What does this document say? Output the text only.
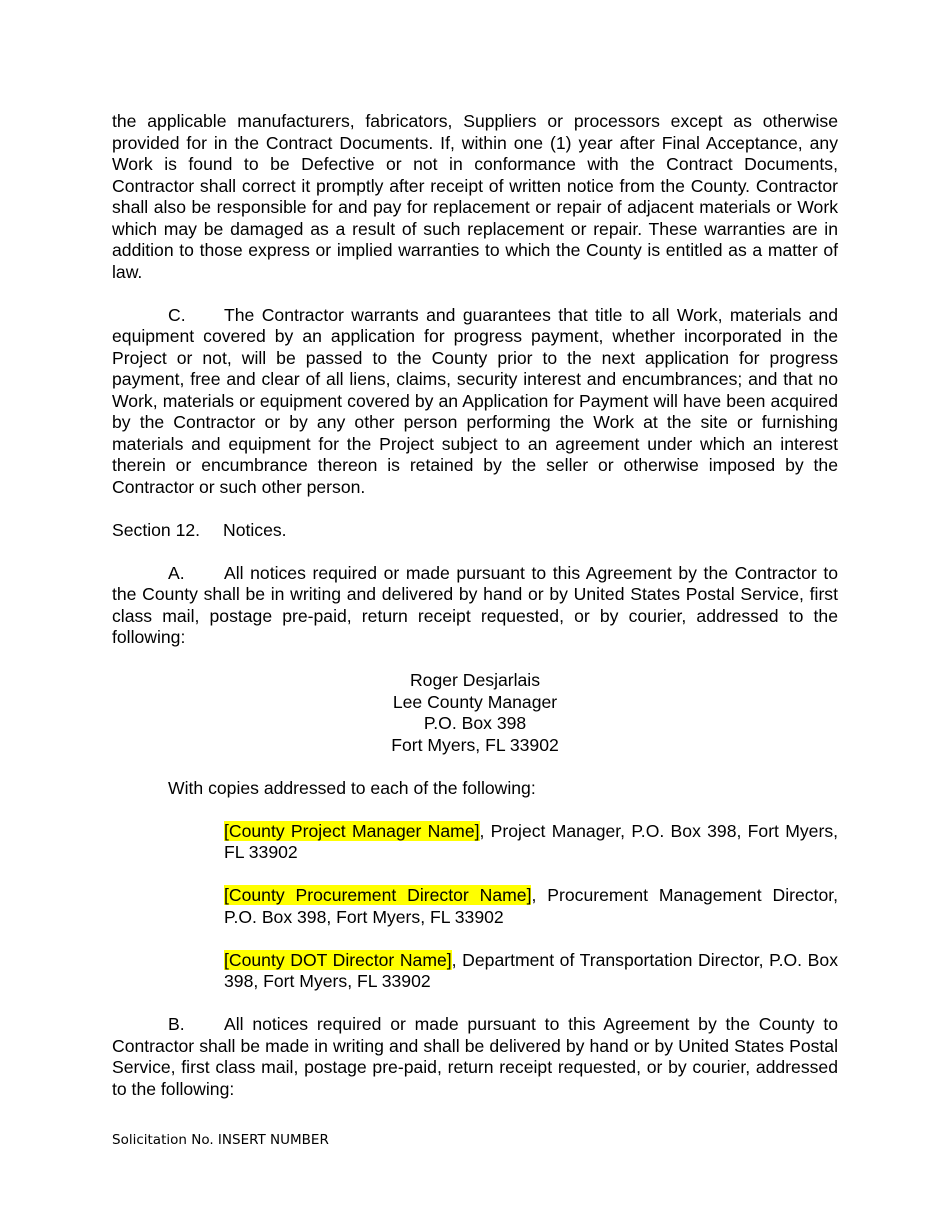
the applicable manufacturers, fabricators, Suppliers or processors except as otherwise provided for in the Contract Documents. If, within one (1) year after Final Acceptance, any Work is found to be Defective or not in conformance with the Contract Documents, Contractor shall correct it promptly after receipt of written notice from the County. Contractor shall also be responsible for and pay for replacement or repair of adjacent materials or Work which may be damaged as a result of such replacement or repair. These warranties are in addition to those express or implied warranties to which the County is entitled as a matter of law.

C. The Contractor warrants and guarantees that title to all Work, materials and equipment covered by an application for progress payment, whether incorporated in the Project or not, will be passed to the County prior to the next application for progress payment, free and clear of all liens, claims, security interest and encumbrances; and that no Work, materials or equipment covered by an Application for Payment will have been acquired by the Contractor or by any other person performing the Work at the site or furnishing materials and equipment for the Project subject to an agreement under which an interest therein or encumbrance thereon is retained by the seller or otherwise imposed by the Contractor or such other person.

Section 12. Notices.

A. All notices required or made pursuant to this Agreement by the Contractor to the County shall be in writing and delivered by hand or by United States Postal Service, first class mail, postage pre-paid, return receipt requested, or by courier, addressed to the following:

Roger Desjarlais
Lee County Manager
P.O. Box 398
Fort Myers, FL 33902

With copies addressed to each of the following:

[County Project Manager Name], Project Manager, P.O. Box 398, Fort Myers, FL 33902

[County Procurement Director Name], Procurement Management Director, P.O. Box 398, Fort Myers, FL 33902

[County DOT Director Name], Department of Transportation Director, P.O. Box 398, Fort Myers, FL 33902

B. All notices required or made pursuant to this Agreement by the County to Contractor shall be made in writing and shall be delivered by hand or by United States Postal Service, first class mail, postage pre-paid, return receipt requested, or by courier, addressed to the following:

Solicitation No. INSERT NUMBER
